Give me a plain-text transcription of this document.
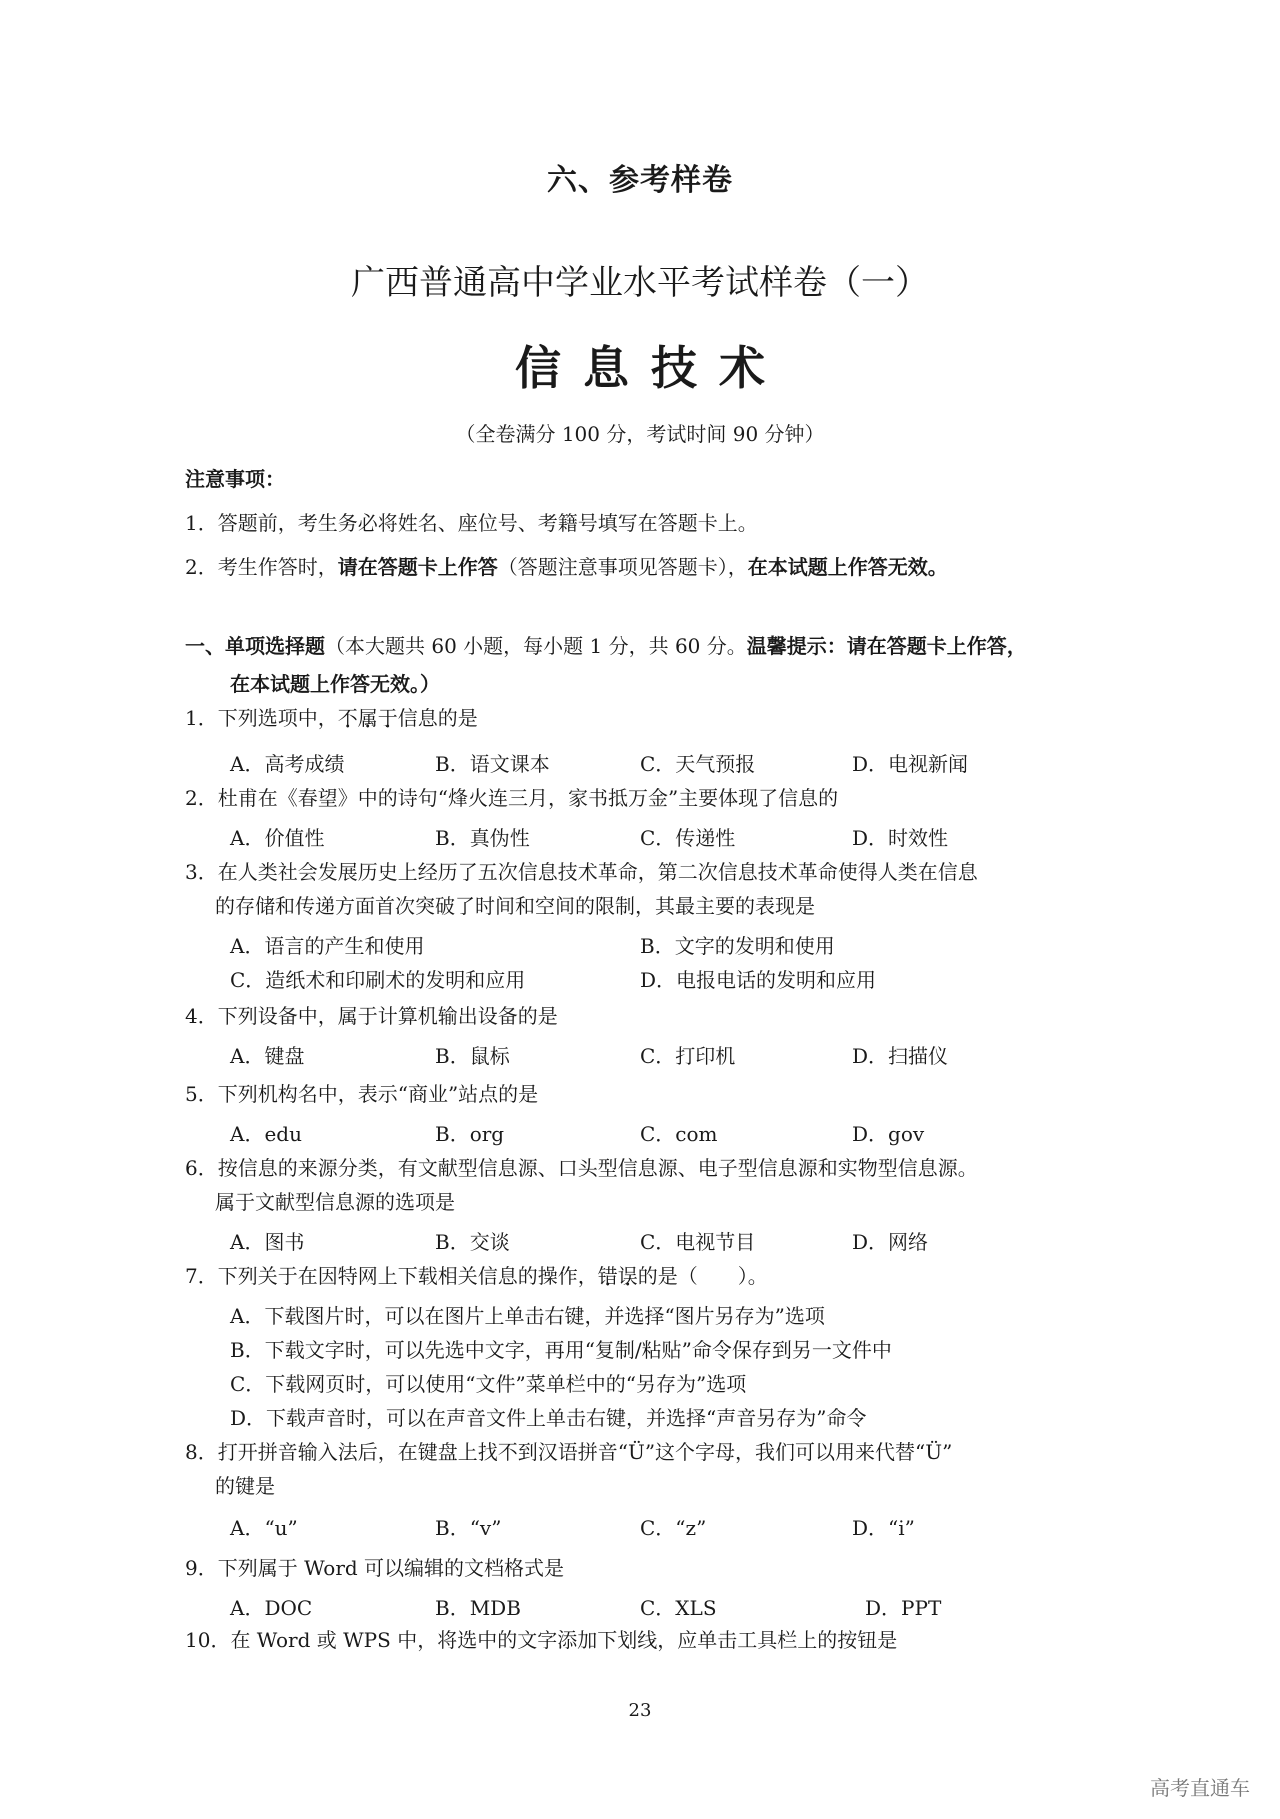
六、参考样卷
广西普通高中学业水平考试样卷（一）
信息技术
（全卷满分 100 分，考试时间 90 分钟）
注意事项：
1．答题前，考生务必将姓名、座位号、考籍号填写在答题卡上。
2．考生作答时，请在答题卡上作答（答题注意事项见答题卡），在本试题上作答无效。
一、单项选择题（本大题共 60 小题，每小题 1 分，共 60 分。温馨提示：请在答题卡上作答，
在本试题上作答无效。）
1．下列选项中，不属于信息的是
A．高考成绩	B．语文课本	C．天气预报	D．电视新闻
2．杜甫在《春望》中的诗句“烽火连三月，家书抵万金”主要体现了信息的
A．价值性	B．真伪性	C．传递性	D．时效性
3．在人类社会发展历史上经历了五次信息技术革命，第二次信息技术革命使得人类在信息
的存储和传递方面首次突破了时间和空间的限制，其最主要的表现是
A．语言的产生和使用	B．文字的发明和使用
C．造纸术和印刷术的发明和应用	D．电报电话的发明和应用
4．下列设备中，属于计算机输出设备的是
A．键盘	B．鼠标	C．打印机	D．扫描仪
5．下列机构名中，表示“商业”站点的是
A．edu	B．org	C．com	D．gov
6．按信息的来源分类，有文献型信息源、口头型信息源、电子型信息源和实物型信息源。
属于文献型信息源的选项是
A．图书	B．交谈	C．电视节目	D．网络
7．下列关于在因特网上下载相关信息的操作，错误的是（　　）。
A．下载图片时，可以在图片上单击右键，并选择“图片另存为”选项
B．下载文字时，可以先选中文字，再用“复制/粘贴”命令保存到另一文件中
C．下载网页时，可以使用“文件”菜单栏中的“另存为”选项
D．下载声音时，可以在声音文件上单击右键，并选择“声音另存为”命令
8．打开拼音输入法后，在键盘上找不到汉语拼音“Ü”这个字母，我们可以用来代替“Ü”
的键是
A．“u”	B．“v”	C．“z”	D．“i”
9．下列属于 Word 可以编辑的文档格式是
A．DOC	B．MDB	C．XLS	D．PPT
10．在 Word 或 WPS 中，将选中的文字添加下划线，应单击工具栏上的按钮是
23
高考直通车
